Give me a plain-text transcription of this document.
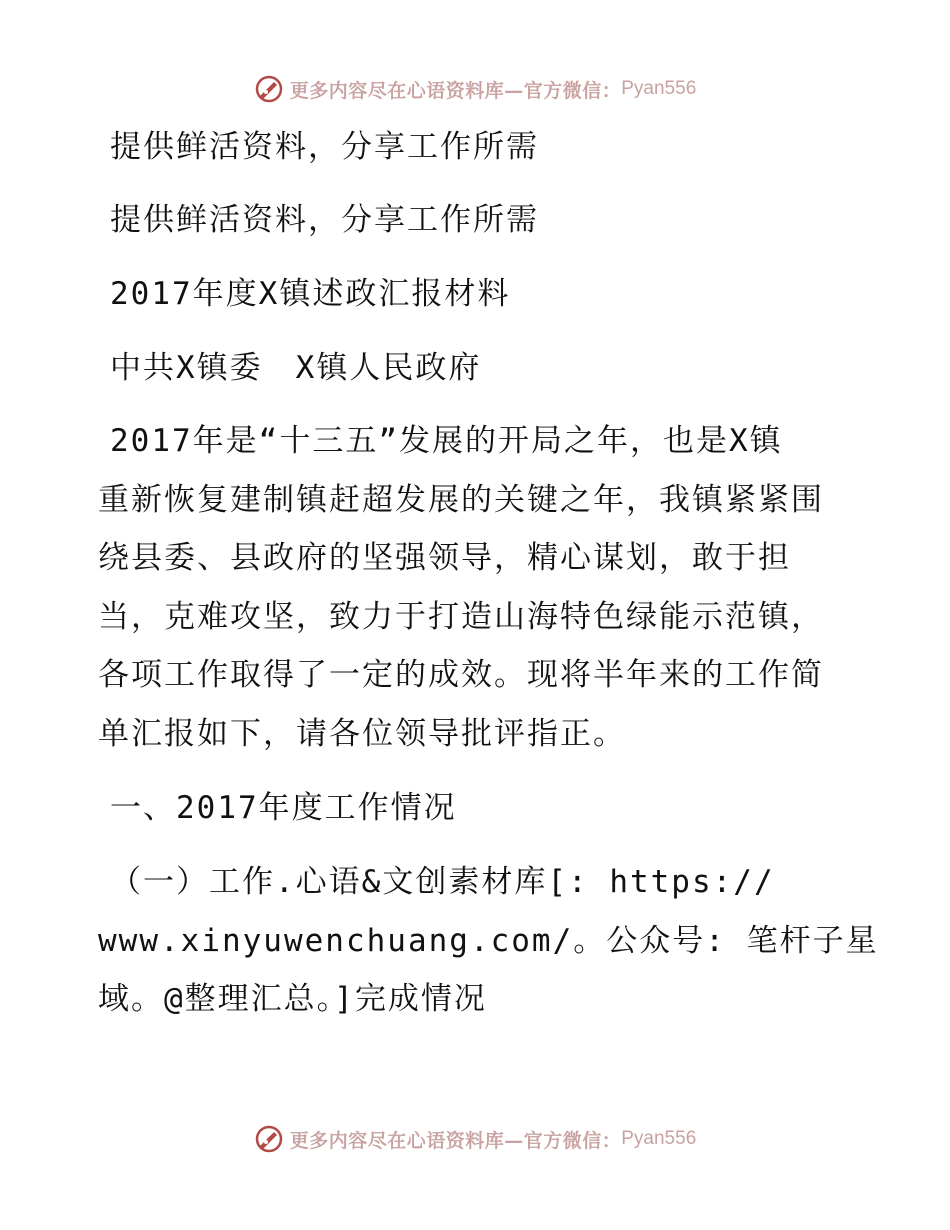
更多内容尽在心语资料库—官方微信： Pyan556
提供鲜活资料，分享工作所需
提供鲜活资料，分享工作所需
2017年度X镇述政汇报材料
中共X镇委　X镇人民政府
2017年是“十三五”发展的开局之年，也是X镇
重新恢复建制镇赶超发展的关键之年，我镇紧紧围
绕县委、县政府的坚强领导，精心谋划，敢于担
当，克难攻坚，致力于打造山海特色绿能示范镇，
各项工作取得了一定的成效。现将半年来的工作简
单汇报如下，请各位领导批评指正。
一、2017年度工作情况
（一）工作.心语&文创素材库[: https://
www.xinyuwenchuang.com/。公众号: 笔杆子星
域。@整理汇总。]完成情况
更多内容尽在心语资料库—官方微信： Pyan556
